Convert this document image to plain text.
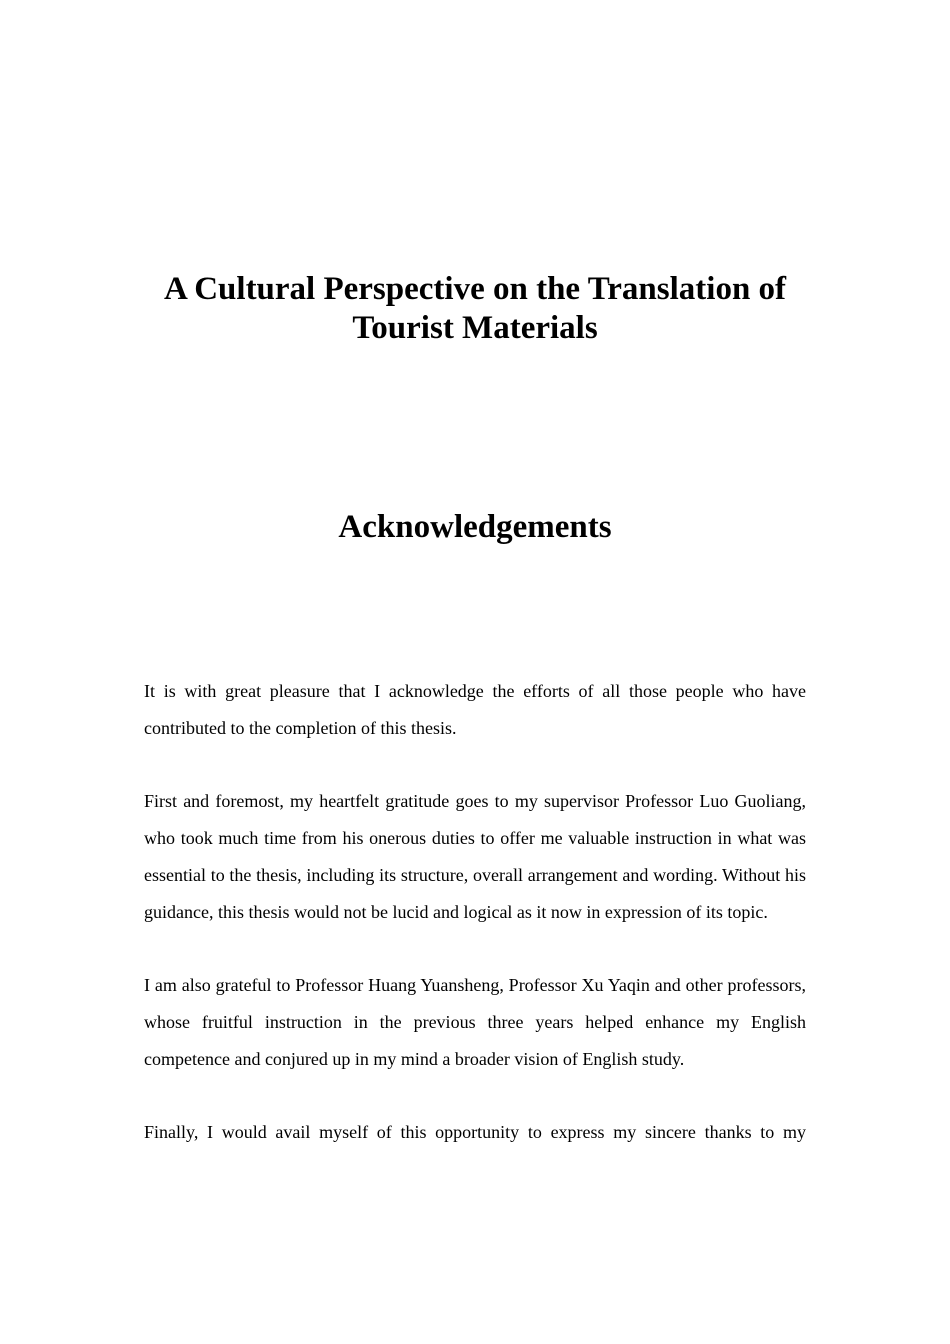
A Cultural Perspective on the Translation of Tourist Materials
Acknowledgements

It is with great pleasure that I acknowledge the efforts of all those people who have contributed to the completion of this thesis.

First and foremost, my heartfelt gratitude goes to my supervisor Professor Luo Guoliang, who took much time from his onerous duties to offer me valuable instruction in what was essential to the thesis, including its structure, overall arrangement and wording. Without his guidance, this thesis would not be lucid and logical as it now in expression of its topic.

I am also grateful to Professor Huang Yuansheng, Professor Xu Yaqin and other professors, whose fruitful instruction in the previous three years helped enhance my English competence and conjured up in my mind a broader vision of English study.

Finally, I would avail myself of this opportunity to express my sincere thanks to my
